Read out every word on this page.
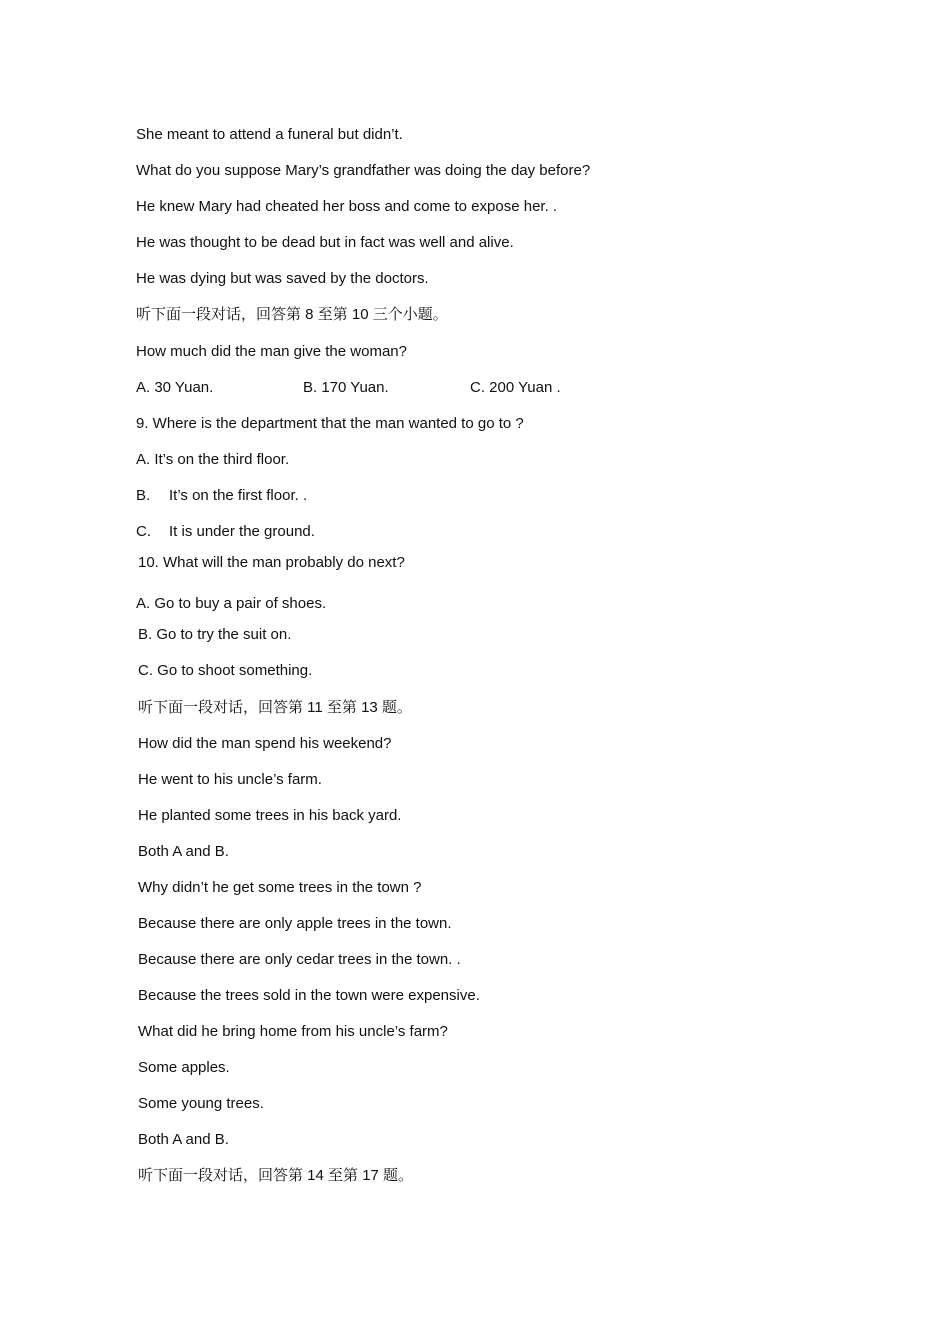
She meant to attend a funeral but didn’t.
What do you suppose Mary’s grandfather was doing the day before?
He knew Mary had cheated her boss and come to expose her. .
He was thought to be dead but in fact was well and alive.
He was dying but was saved by the doctors.
听下面一段对话，回答第 8 至第 10 三个小题。
How much did the man give the woman?
A. 30 Yuan.	B. 170 Yuan.	C. 200 Yuan .
9. Where is the department that the man wanted to go to ?
A. It’s on the third floor.
B. It’s on the first floor. .
C. It is under the ground.
10. What will the man probably do next?
A. Go to buy a pair of shoes.
B. Go to try the suit on.
C. Go to shoot something.
听下面一段对话，回答第 11 至第 13 题。
How did the man spend his weekend?
He went to his uncle’s farm.
He planted some trees in his back yard.
Both A and B.
Why didn’t he get some trees in the town ?
Because there are only apple trees in the town.
Because there are only cedar trees in the town. .
Because the trees sold in the town were expensive.
What did he bring home from his uncle’s farm?
Some apples.
Some young trees.
Both A and B.
听下面一段对话，回答第 14 至第 17 题。
